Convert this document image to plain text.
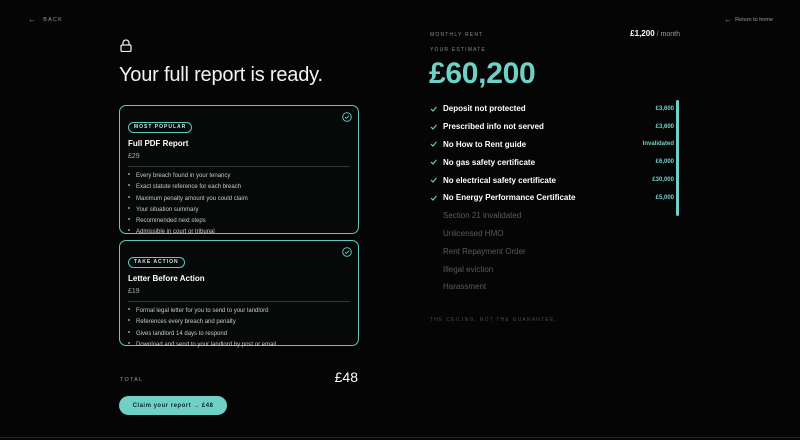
← BACK	← Return to home
Your full report is ready.
MOST POPULAR
Full PDF Report
£29
Every breach found in your tenancy
Exact statute reference for each breach
Maximum penalty amount you could claim
Your situation summary
Recommended next steps
Admissible in court or tribunal
TAKE ACTION
Letter Before Action
£19
Formal legal letter for you to send to your landlord
References every breach and penalty
Gives landlord 14 days to respond
Download and send to your landlord by post or email.
TOTAL	£48
Claim your report → £48
MONTHLY RENT	£1,200 / month
YOUR ESTIMATE
£60,200
Deposit not protected	£3,600
Prescribed info not served	£3,600
No How to Rent guide	Invalidated
No gas safety certificate	£6,000
No electrical safety certificate	£30,000
No Energy Performance Certificate	£5,000
Section 21 invalidated
Unlicensed HMO
Rent Repayment Order
Illegal eviction
Harassment
THE CEILING. NOT THE GUARANTEE.
